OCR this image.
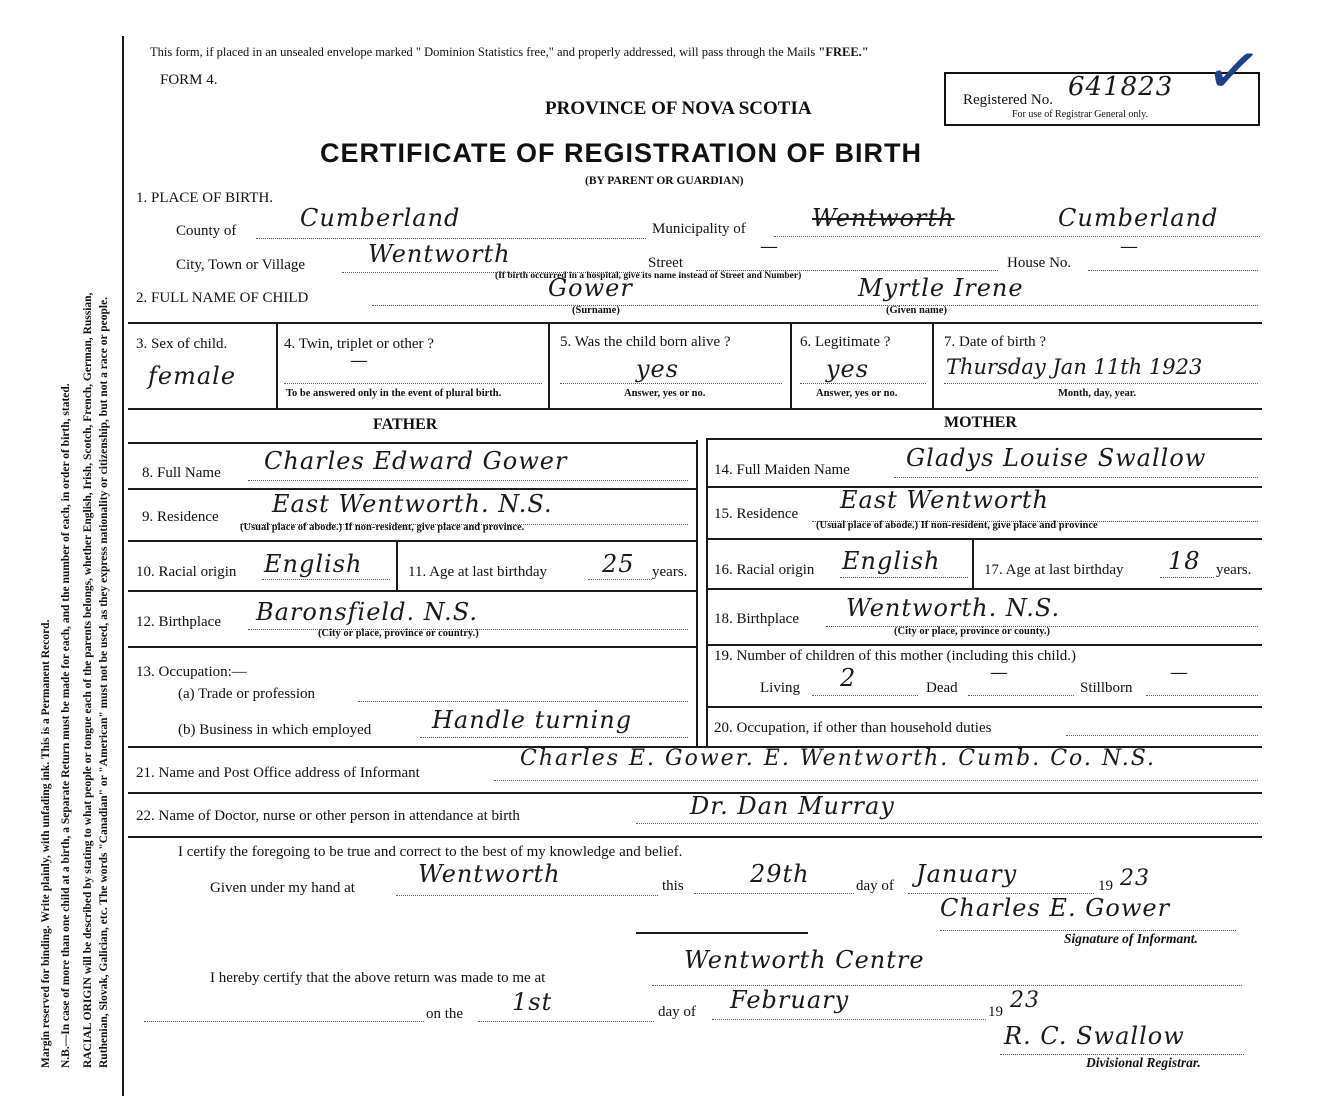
Margin reserved for binding. Write plainly, with unfading ink. This is a Permanent Record. N.B.—In case of more than one child at a birth, a Separate Return must be made for each, and the number of each, in order of birth, stated. RACIAL ORIGIN will be described by stating to what people or tongue each of the parents belongs, whether English, Irish, Scotch, French, German, Russian, Ruthenian, Slovak, Galician, etc. The words "Canadian" or "American" must not be used, as they express nationality or citizenship, but not a race or people.
This form, if placed in an unsealed envelope marked " Dominion Statistics free," and properly addressed, will pass through the Mails "FREE."
FORM 4.
PROVINCE OF NOVA SCOTIA
CERTIFICATE OF REGISTRATION OF BIRTH
(BY PARENT OR GUARDIAN)
Registered No. 641823
For use of Registrar General only. ✓
1. PLACE OF BIRTH.
County of	Cumberland	Municipality of	Wentworth	Cumberland
City, Town or Village	Wentworth	Street
—
House No.
—
(If birth occurred in a hospital, give its name instead of Street and Number)
2. FULL NAME OF CHILD	Gower
(Surname)
Myrtle Irene
(Given name)
3. Sex of child.
female
4. Twin, triplet or other ?
—
To be answered only in the event of plural birth.
5. Was the child born alive ?
yes
Answer, yes or no.
6. Legitimate ?
yes
Answer, yes or no.
7. Date of birth ?
Thursday Jan 11th 1923
Month, day, year.
FATHER	MOTHER
8. Full Name Charles Edward Gower
9. Residence East Wentworth. N.S.
(Usual place of abode.) If non-resident, give place and province.
10. Racial origin English	11. Age at last birthday 25 years.
12. Birthplace Baronsfield. N.S.
(City or place, province or country.)
13. Occupation:—
(a) Trade or profession
(b) Business in which employed	Handle turning
14. Full Maiden Name Gladys Louise Swallow
15. Residence East Wentworth
(Usual place of abode.) If non-resident, give place and province
16. Racial origin English	17. Age at last birthday 18 years.
18. Birthplace Wentworth. N.S.
(City or place, province or county.)
19. Number of children of this mother (including this child.)
Living 2	Dead
—
Stillborn
—
20. Occupation, if other than household duties
21. Name and Post Office address of Informant
Charles E. Gower. E. Wentworth. Cumb. Co. N.S.
22. Name of Doctor, nurse or other person in attendance at birth	Dr. Dan Murray
I certify the foregoing to be true and correct to the best of my knowledge and belief.
Given under my hand at	Wentworth	this	29th	day of January	19 23
Charles E. Gower
Signature of Informant.
I hereby certify that the above return was made to me at
Wentworth Centre
on the 1st	day of February	19 23
R. C. Swallow
Divisional Registrar.
